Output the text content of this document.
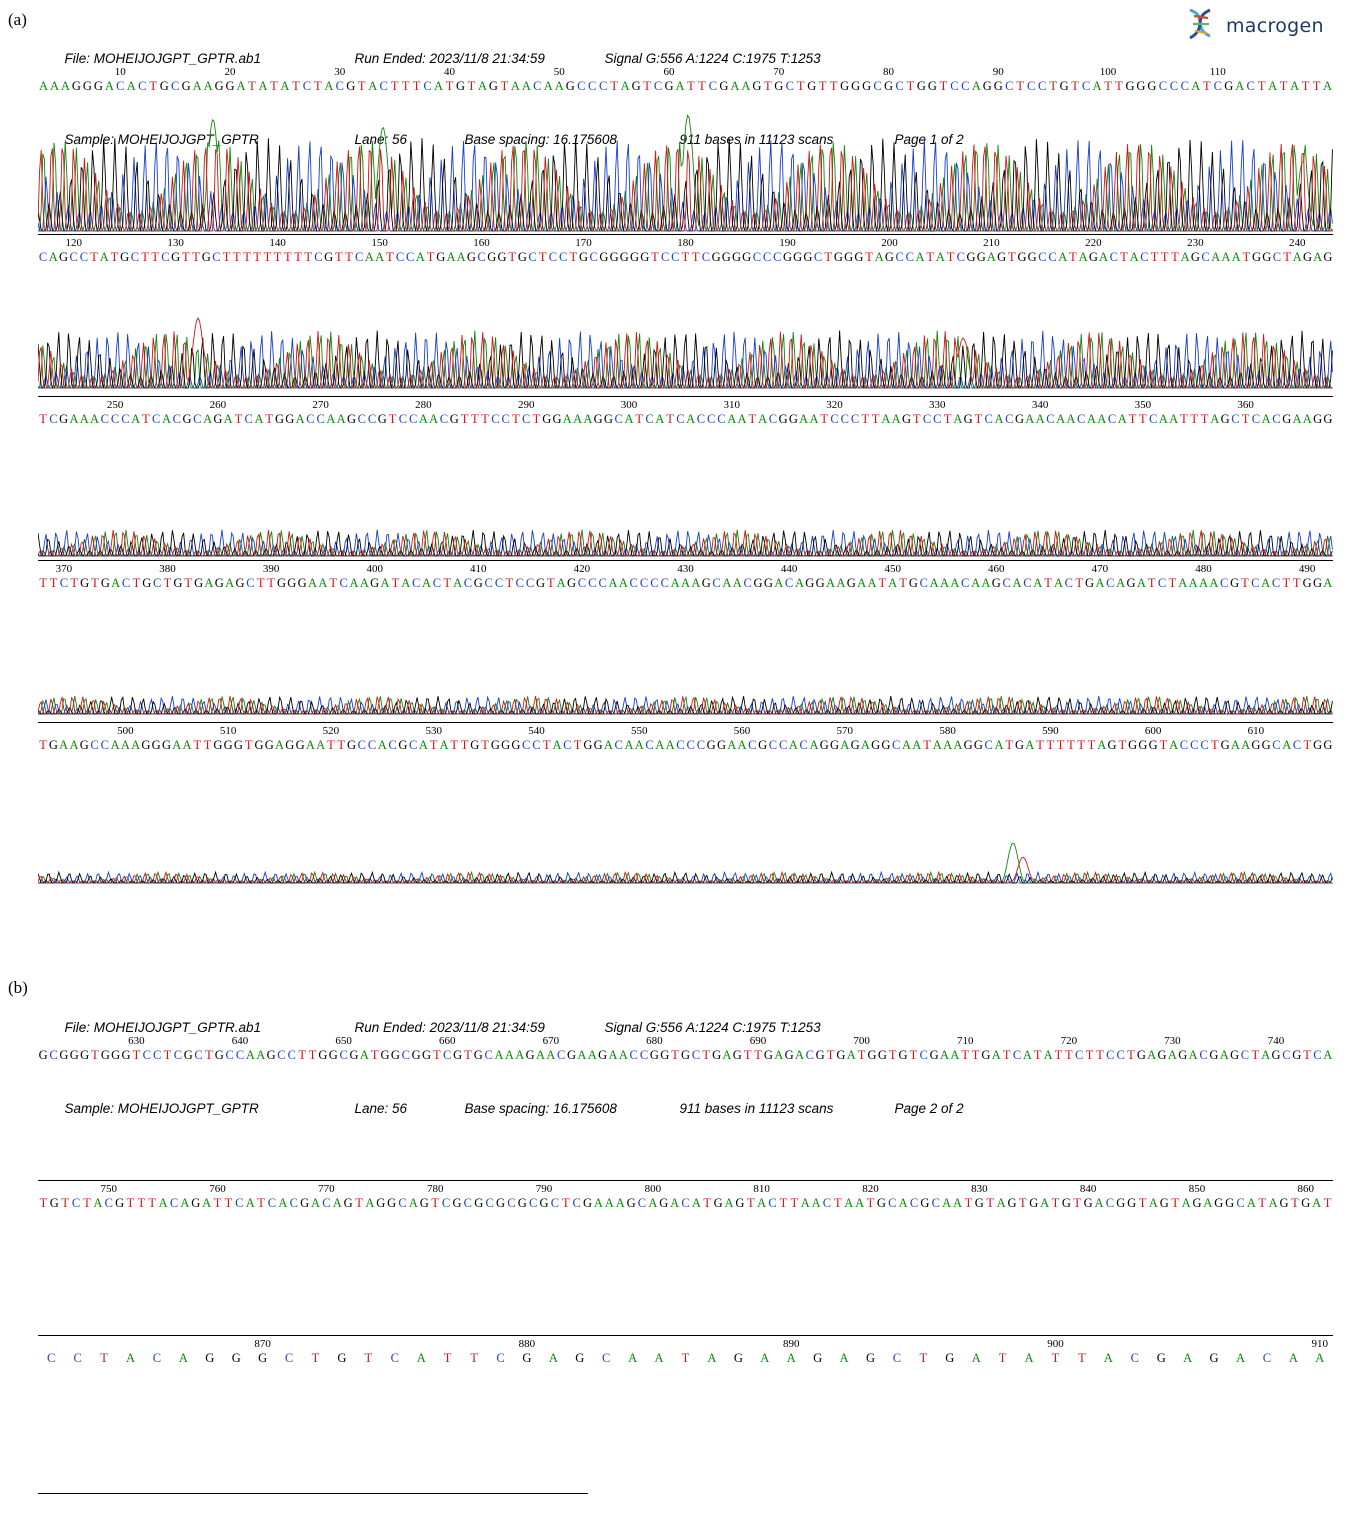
(a)

File: MOHEIJOJGPT_GPTR.ab1	Run Ended: 2023/11/8 21:34:59	Signal G:556 A:1224 C:1975 T:1253

Sample: MOHEIJOJGPT_GPTR	Lane: 56	Base spacing: 16.175608	911 bases in 11123 scans	Page 1 of 2

macrogen
10	20	30	40	50	60	70	80	90	100	110
A A A G G G A C A C T G C G A A G G A T A T A T C T A C G T A C T T T C A T G T A G T A A C A A G C C C T A G T C G A T T C G A A G T G C T G T T G G G C G C T G G T C C A G G C T C C T G T C A T T G G G C C C A T C G A C T A T A T T A
120	130	140	150	160	170	180	190	200	210	220	230	240
C A G C C T A T G C T T C G T T G C T T T T T T T T T C G T T C A A T C C A T G A A G C G G T G C T C C T G C G G G G G T C C T T C G G G G C C C G G G C T G G G T A G C C A T A T C G G A G T G G C C A T A G A C T A C T T T A G C A A A T G G C T A G A G
250	260	270	280	290	300	310	320	330	340	350	360
T C G A A A C C C A T C A C G C A G A T C A T G G A C C A A G C C G T C C A A C G T T T C C T C T G G A A A G G C A T C A T C A C C C A A T A C G G A A T C C C T T A A G T C C T A G T C A C G A A C A A C A A C A T T C A A T T T A G C T C A C G A A G G
370	380	390	400	410	420	430	440	450	460	470	480	490
T T C T G T G A C T G C T G T G A G A G C T T G G G A A T C A A G A T A C A C T A C G C C T C C G T A G C C C A A C C C C A A A G C A A C G G A C A G G A A G A A T A T G C A A A C A A G C A C A T A C T G A C A G A T C T A A A A C G T C A C T T G G A
500	510	520	530	540	550	560	570	580	590	600	610
T G A A G C C A A A G G G A A T T G G G T G G A G G A A T T G C C A C G C A T A T T G T G G G C C T A C T G G A C A A C A A C C C G G A A C G C C A C A G G A G A G G C A A T A A A G G C A T G A T T T T T T A G T G G G T A C C C T G A A G G C A C T G G
(b)

File: MOHEIJOJGPT_GPTR.ab1	Run Ended: 2023/11/8 21:34:59	Signal G:556 A:1224 C:1975 T:1253

Sample: MOHEIJOJGPT_GPTR	Lane: 56	Base spacing: 16.175608	911 bases in 11123 scans	Page 2 of 2

630	640	650	660	670	680	690	700	710	720	730	740
G C G G G T G G G T C C T C G C T G C C A A G C C T T G G C G A T G G C G G T C G T G C A A A G A A C G A A G A A C C G G T G C T G A G T T G A G A C G T G A T G G T G T C G A A T T G A T C A T A T T C T T C C T G A G A G A C G A G C T A G C G T C A
750	760	770	780	790	800	810	820	830	840	850	860
T G T C T A C G T T T A C A G A T T C A T C A C G A C A G T A G G C A G T C G C G C G C G C G C T C G A A A G C A G A C A T G A G T A C T T A A C T A A T G C A C G C A A T G T A G T G A T G T G A C G G T A G T A G A G G C A T A G T G A T
870	880	890	900	910
C C T A C A G G G C T G T C A T T C G A G C A A T A G A A G A G C T G A T A T T A C G A G A C A A
